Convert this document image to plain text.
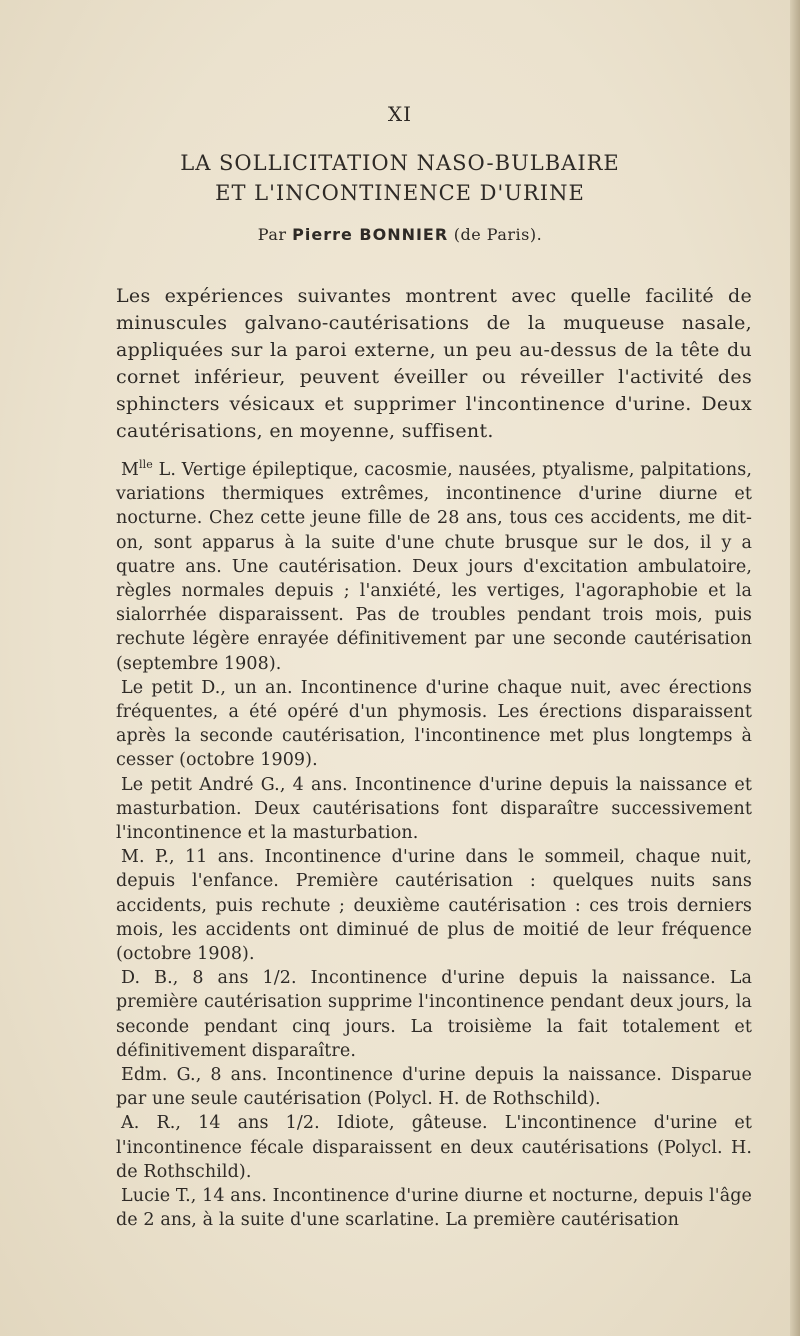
XI
LA SOLLICITATION NASO-BULBAIRE
ET L'INCONTINENCE D'URINE
Par Pierre BONNIER (de Paris).
Les expériences suivantes montrent avec quelle facilité de minuscules galvano-cautérisations de la muqueuse nasale, appliquées sur la paroi externe, un peu au-dessus de la tête du cornet inférieur, peuvent éveiller ou réveiller l'activité des sphincters vésicaux et supprimer l'incontinence d'urine. Deux cautérisations, en moyenne, suffisent.

$M^{lle}$ L. Vertige épileptique, cacosmie, nausées, ptyalisme, palpitations, variations thermiques extrêmes, incontinence d'urine diurne et nocturne. Chez cette jeune fille de 28 ans, tous ces accidents, me dit-on, sont apparus à la suite d'une chute brusque sur le dos, il y a quatre ans. Une cautérisation. Deux jours d'excitation ambulatoire, règles normales depuis ; l'anxiété, les vertiges, l'agoraphobie et la sialorrhée disparaissent. Pas de troubles pendant trois mois, puis rechute légère enrayée définitivement par une seconde cautérisation (septembre 1908).

Le petit D., un an. Incontinence d'urine chaque nuit, avec érections fréquentes, a été opéré d'un phymosis. Les érections disparaissent après la seconde cautérisation, l'incontinence met plus longtemps à cesser (octobre 1909).

Le petit André G., 4 ans. Incontinence d'urine depuis la naissance et masturbation. Deux cautérisations font disparaître successivement l'incontinence et la masturbation.

M. P., 11 ans. Incontinence d'urine dans le sommeil, chaque nuit, depuis l'enfance. Première cautérisation : quelques nuits sans accidents, puis rechute ; deuxième cautérisation : ces trois derniers mois, les accidents ont diminué de plus de moitié de leur fréquence (octobre 1908).

D. B., 8 ans 1/2. Incontinence d'urine depuis la naissance. La première cautérisation supprime l'incontinence pendant deux jours, la seconde pendant cinq jours. La troisième la fait totalement et définitivement disparaître.

Edm. G., 8 ans. Incontinence d'urine depuis la naissance. Disparue par une seule cautérisation (Polycl. H. de Rothschild).

A. R., 14 ans 1/2. Idiote, gâteuse. L'incontinence d'urine et l'incontinence fécale disparaissent en deux cautérisations (Polycl. H. de Rothschild).

Lucie T., 14 ans. Incontinence d'urine diurne et nocturne, depuis l'âge de 2 ans, à la suite d'une scarlatine. La première cautérisation
